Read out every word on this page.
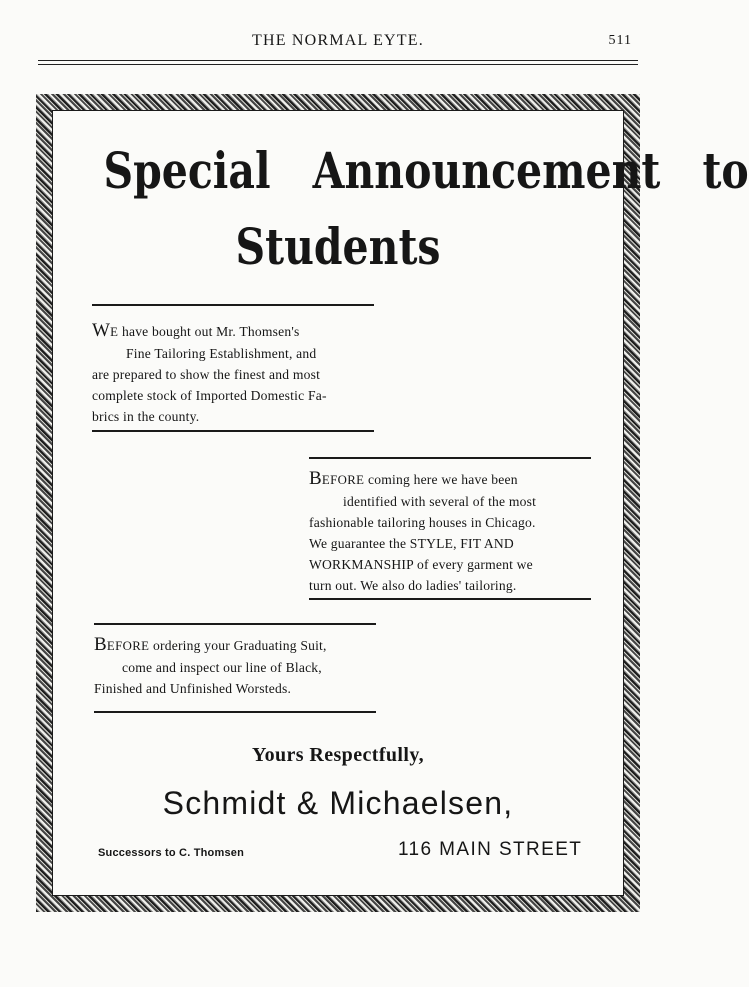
THE NORMAL EYTE.	511
Special Announcement to
Students
WE have bought out Mr. Thomsen's
Fine Tailoring Establishment, and
are prepared to show the finest and most
complete stock of Imported Domestic Fa-
brics in the county.
BEFORE coming here we have been
identified with several of the most
fashionable tailoring houses in Chicago.
We guarantee the STYLE, FIT AND
WORKMANSHIP of every garment we
turn out. We also do ladies' tailoring.
BEFORE ordering your Graduating Suit,
come and inspect our line of Black,
Finished and Unfinished Worsteds.
Yours Respectfully,
Schmidt & Michaelsen,
Successors to C. Thomsen	116 MAIN STREET
